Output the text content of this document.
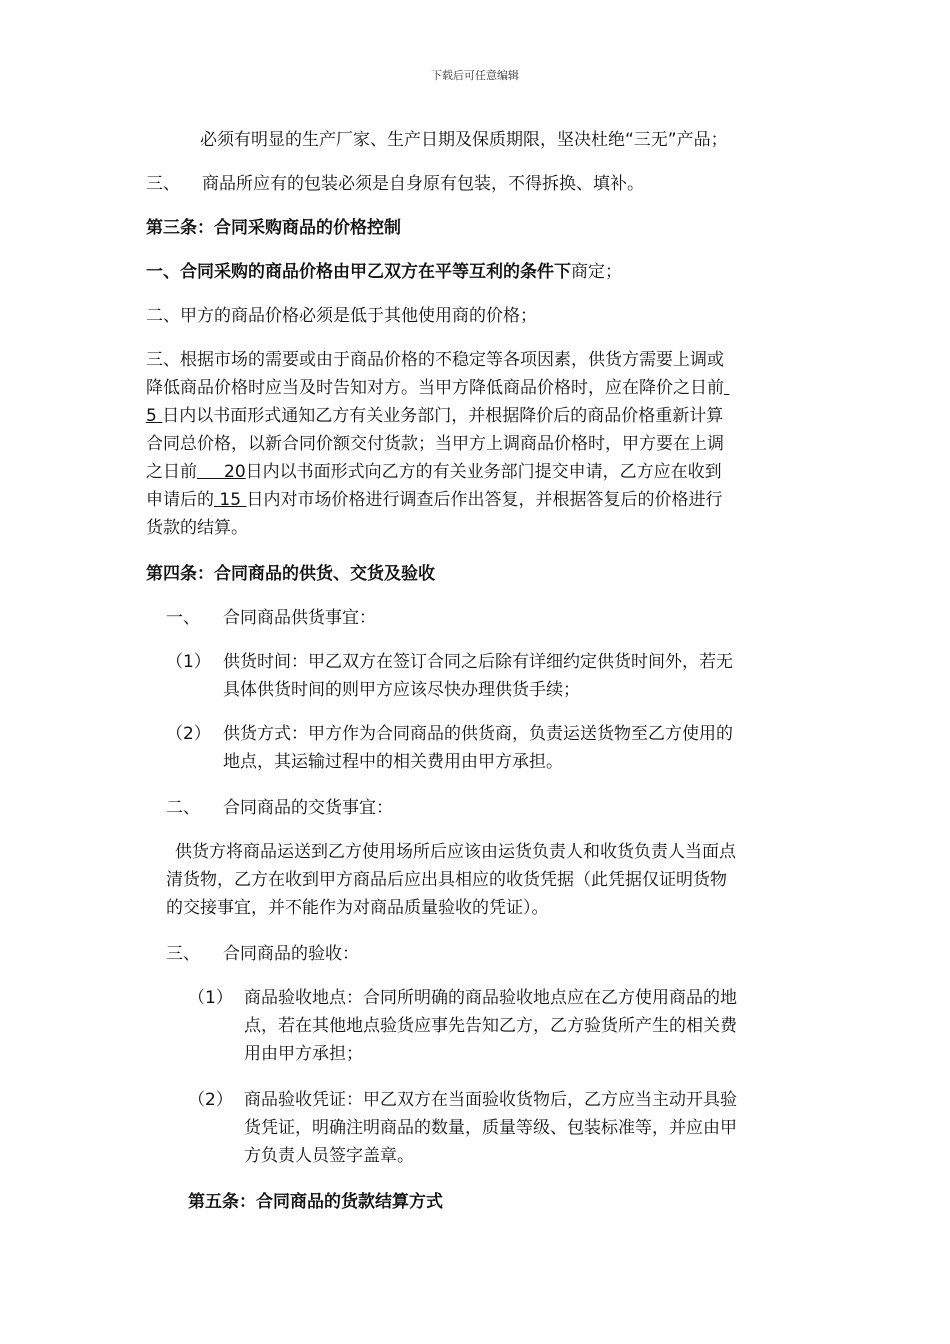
下载后可任意编辑

必须有明显的生产厂家、生产日期及保质期限，坚决杜绝“三无”产品；

三、 商品所应有的包装必须是自身原有包装，不得拆换、填补。

第三条：合同采购商品的价格控制

一、合同采购的商品价格由甲乙双方在平等互利的条件下商定；

二、甲方的商品价格必须是低于其他使用商的价格；

三、根据市场的需要或由于商品价格的不稳定等各项因素，供货方需要上调或

降低商品价格时应当及时告知对方。当甲方降低商品价格时，应在降价之日前

5 日内以书面形式通知乙方有关业务部门，并根据降价后的商品价格重新计算

合同总价格，以新合同价额交付货款；当甲方上调商品价格时，甲方要在上调

之日前 20日内以书面形式向乙方的有关业务部门提交申请，乙方应在收到

申请后的 15 日内对市场价格进行调查后作出答复，并根据答复后的价格进行

货款的结算。

第四条：合同商品的供货、交货及验收

一、 合同商品供货事宜：

（1） 供货时间：甲乙双方在签订合同之后除有详细约定供货时间外，若无

具体供货时间的则甲方应该尽快办理供货手续；

（2） 供货方式：甲方作为合同商品的供货商，负责运送货物至乙方使用的

地点，其运输过程中的相关费用由甲方承担。

二、 合同商品的交货事宜：

供货方将商品运送到乙方使用场所后应该由运货负责人和收货负责人当面点

清货物，乙方在收到甲方商品后应出具相应的收货凭据（此凭据仅证明货物

的交接事宜，并不能作为对商品质量验收的凭证）。

三、 合同商品的验收：

（1） 商品验收地点：合同所明确的商品验收地点应在乙方使用商品的地

点，若在其他地点验货应事先告知乙方，乙方验货所产生的相关费

用由甲方承担；

（2） 商品验收凭证：甲乙双方在当面验收货物后，乙方应当主动开具验

货凭证，明确注明商品的数量，质量等级、包装标准等，并应由甲

方负责人员签字盖章。

第五条：合同商品的货款结算方式
